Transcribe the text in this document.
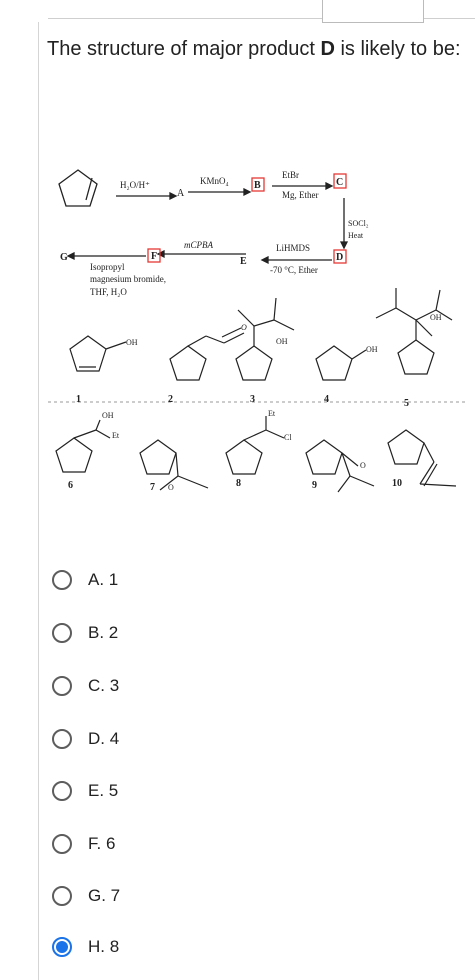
The structure of major product D is likely to be:
H₂O/H⁺
A
KMnO₄	B
EtBr
Mg, Ether
C
SOCl₂
Heat
D
LiHMDS
-70 °C, Ether
E
mCPBA
F
G
Isopropyl
magnesium bromide,
THF, H₂O
OH
O
OH
OH
OH
OH
Et
O
Et
Cl
O
1	2	3	4	5
6	7	8	9	10
A. 1
B. 2
C. 3
D. 4
E. 5
F. 6
G. 7
H. 8
